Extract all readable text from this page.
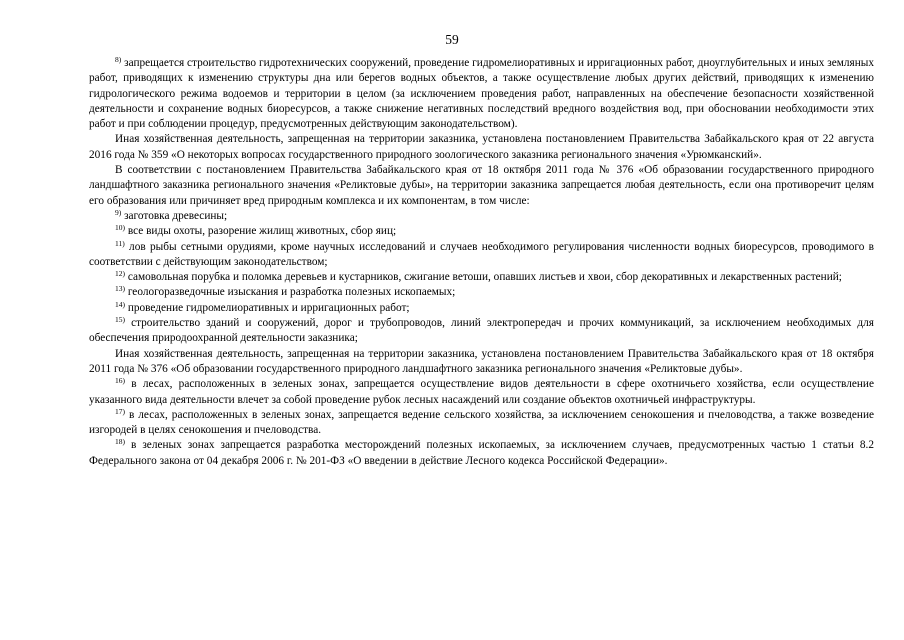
59

$^{8)}$ запрещается строительство гидротехнических сооружений, проведение гидромелиоративных и ирригационных работ, дноуглубительных и иных земляных работ, приводящих к изменению структуры дна или берегов водных объектов, а также осуществление любых других действий, приводящих к изменению гидрологического режима водоемов и территории в целом (за исключением проведения работ, направленных на обеспечение безопасности хозяйственной деятельности и сохранение водных биоресурсов, а также снижение негативных последствий вредного воздействия вод, при обосновании необходимости этих работ и при соблюдении процедур, предусмотренных действующим законодательством).

Иная хозяйственная деятельность, запрещенная на территории заказника, установлена постановлением Правительства Забайкальского края от 22 августа 2016 года № 359 «О некоторых вопросах государственного природного зоологического заказника регионального значения «Урюмканский».

В соответствии с постановлением Правительства Забайкальского края от 18 октября 2011 года № 376 «Об образовании государственного природного ландшафтного заказника регионального значения «Реликтовые дубы», на территории заказника запрещается любая деятельность, если она противоречит целям его образования или причиняет вред природным комплекса и их компонентам, в том числе:

$^{9)}$ заготовка древесины;

$^{10)}$ все виды охоты, разорение жилищ животных, сбор яиц;

$^{11)}$ лов рыбы сетными орудиями, кроме научных исследований и случаев необходимого регулирования численности водных биоресурсов, проводимого в соответствии с действующим законодательством;

$^{12)}$ самовольная порубка и поломка деревьев и кустарников, сжигание ветоши, опавших листьев и хвои, сбор декоративных и лекарственных растений;

$^{13)}$ геологоразведочные изыскания и разработка полезных ископаемых;

$^{14)}$ проведение гидромелиоративных и ирригационных работ;

$^{15)}$ строительство зданий и сооружений, дорог и трубопроводов, линий электропередач и прочих коммуникаций, за исключением необходимых для обеспечения природоохранной деятельности заказника;

Иная хозяйственная деятельность, запрещенная на территории заказника, установлена постановлением Правительства Забайкальского края от 18 октября 2011 года № 376 «Об образовании государственного природного ландшафтного заказника регионального значения «Реликтовые дубы».

$^{16)}$ в лесах, расположенных в зеленых зонах, запрещается осуществление видов деятельности в сфере охотничьего хозяйства, если осуществление указанного вида деятельности влечет за собой проведение рубок лесных насаждений или создание объектов охотничьей инфраструктуры.

$^{17)}$ в лесах, расположенных в зеленых зонах, запрещается ведение сельского хозяйства, за исключением сенокошения и пчеловодства, а также возведение изгородей в целях сенокошения и пчеловодства.

$^{18)}$ в зеленых зонах запрещается разработка месторождений полезных ископаемых, за исключением случаев, предусмотренных частью 1 статьи 8.2 Федерального закона от 04 декабря 2006 г. № 201-ФЗ «О введении в действие Лесного кодекса Российской Федерации».
